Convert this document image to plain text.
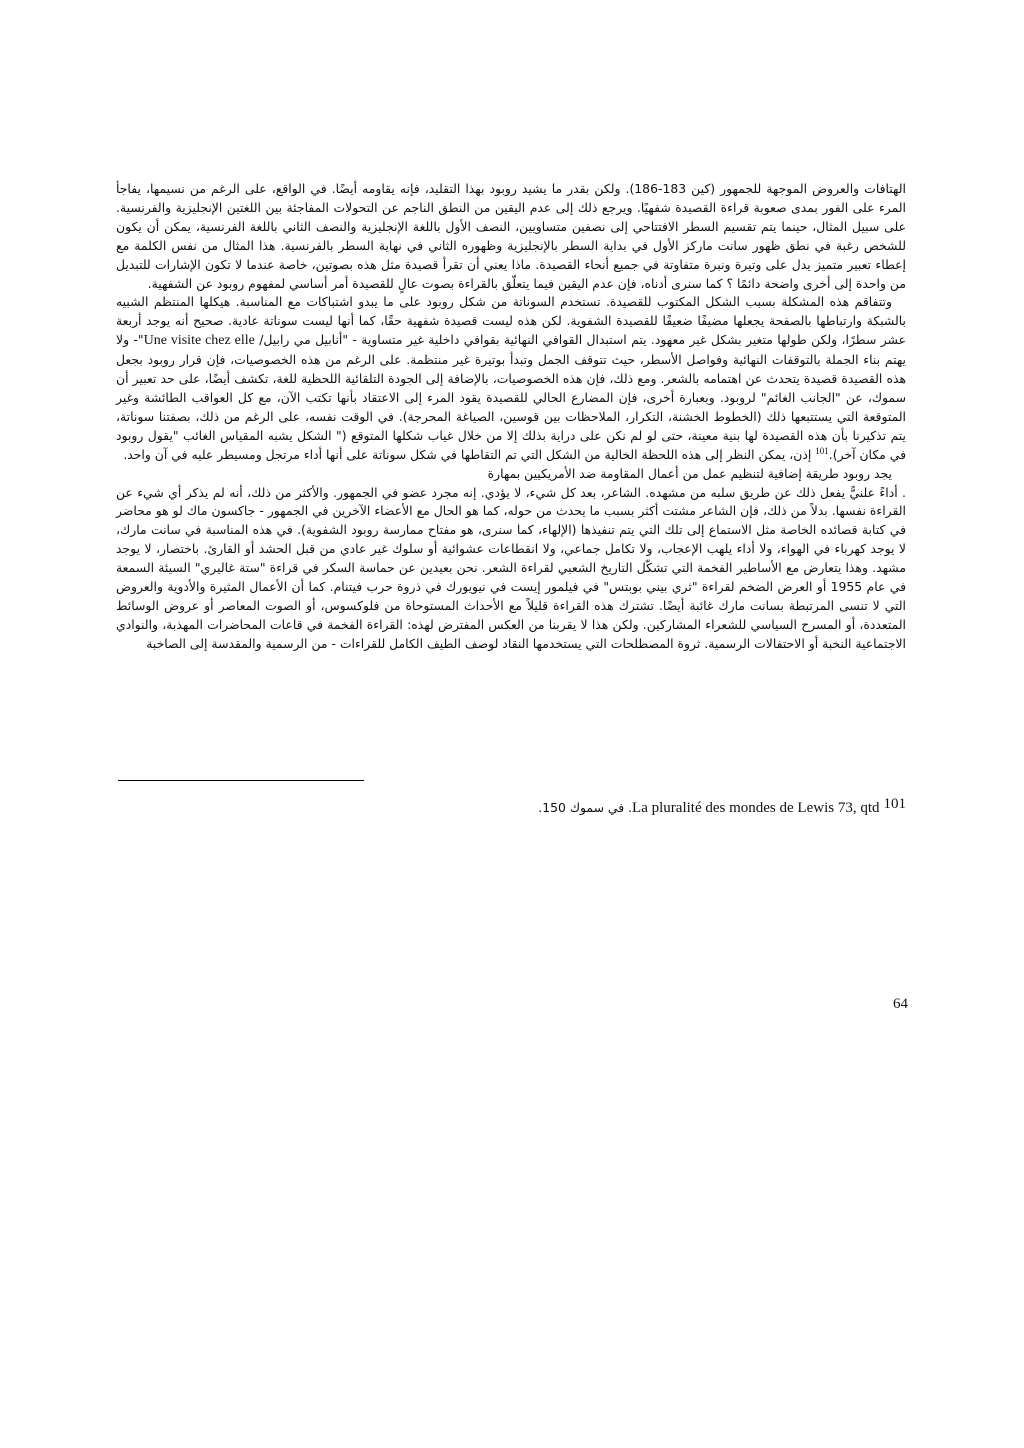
الهتافات والعروض الموجهة للجمهور (كين 183-186). ولكن بقدر ما يشيد روبود بهذا التقليد، فإنه يقاومه أيضًا. في الواقع، على الرغم من نسيمها، يفاجأ المرء على الفور بمدى صعوبة قراءة القصيدة شفهيًا. ويرجع ذلك إلى عدم اليقين من النطق الناجم عن التحولات المفاجئة بين اللغتين الإنجليزية والفرنسية. على سبيل المثال، حينما يتم تقسيم السطر الافتتاحي إلى نصفين متساويين، النصف الأول باللغة الإنجليزية والنصف الثاني باللغة الفرنسية، يمكن أن يكون للشخص رغبة في نطق ظهور سانت ماركز الأول في بداية السطر بالإنجليزية وظهوره الثاني في نهاية السطر بالفرنسية. هذا المثال من نفس الكلمة مع إعطاء تعبير متميز يدل على وتيرة ونبرة متفاوتة في جميع أنحاء القصيدة. ماذا يعني أن تقرأ قصيدة مثل هذه بصوتين، خاصة عندما لا تكون الإشارات للتبديل من واحدة إلى أخرى واضحة دائمًا ؟ كما سنرى أدناه، فإن عدم اليقين فيما يتعلّق بالقراءة بصوت عالٍ للقصيدة أمر أساسي لمفهوم روبود عن الشفهية.

وتتفاقم هذه المشكلة بسبب الشكل المكتوب للقصيدة. تستخدم السوناتة من شكل روبود على ما يبدو اشتباكات مع المناسبة. هيكلها المنتظم الشبيه بالشبكة وارتباطها بالصفحة يجعلها مضيفًا ضعيفًا للقصيدة الشفوية. لكن هذه ليست قصيدة شفهية حقًا، كما أنها ليست سوناتة عادية. صحيح أنه يوجد أربعة عشر سطرًا، ولكن طولها متغير بشكل غير معهود. يتم استبدال القوافي النهائية بقوافي داخلية غير متساوية - "أنابيل مي رابيل/ Une visite chez elle"- ولا يهتم بناء الجملة بالتوقفات النهائية وفواصل الأسطر، حيث تتوقف الجمل وتبدأ بوتيرة غير منتظمة. على الرغم من هذه الخصوصيات، فإن قرار روبود بجعل هذه القصيدة قصيدة يتحدث عن اهتمامه بالشعر. ومع ذلك، فإن هذه الخصوصيات، بالإضافة إلى الجودة التلقائية اللحظية للغة، تكشف أيضًا، على حد تعبير أن سموك، عن "الجانب الغائم" لروبود. وبعبارة أخرى، فإن المضارع الحالي للقصيدة يقود المرء إلى الاعتقاد بأنها تكتب الآن، مع كل العواقب الطائشة وغير المتوقعة التي يستتبعها ذلك (الخطوط الخشنة، التكرار، الملاحظات بين قوسين، الصياغة المحرجة). في الوقت نفسه، على الرغم من ذلك، بصفتنا سوناتة، يتم تذكيرنا بأن هذه القصيدة لها بنية معينة، حتى لو لم نكن على دراية بذلك إلا من خلال غياب شكلها المتوقع (" الشكل يشبه المقياس الغائب "يقول روبود في مكان آخر).$^{101}$ إذن، يمكن النظر إلى هذه اللحظة الخالية من الشكل التي تم التقاطها في شكل سوناتة على أنها أداء مرتجل ومسيطر عليه في آن واحد.

يجد روبود طريقة إضافية لتنظيم عمل من أعمال المقاومة ضد الأمريكيين بمهارة

. أداءً علنيًّ يفعل ذلك عن طريق سلبه من مشهده. الشاعر، بعد كل شيء، لا يؤدي. إنه مجرد عضو في الجمهور. والأكثر من ذلك، أنه لم يذكر أي شيء عن القراءة نفسها. بدلاً من ذلك، فإن الشاعر مشتت أكثر بسبب ما يحدث من حوله، كما هو الحال مع الأعضاء الآخرين في الجمهور - جاكسون ماك لو هو محاضر في كتابة قصائده الخاصة مثل الاستماع إلى تلك التي يتم تنفيذها (الإلهاء، كما سنرى، هو مفتاح ممارسة روبود الشفوية). في هذه المناسبة في سانت مارك، لا يوجد كهرباء في الهواء، ولا أداء يلهب الإعجاب، ولا تكامل جماعي، ولا انقطاعات عشوائية أو سلوك غير عادي من قبل الحشد أو القارئ. باختصار، لا يوجد مشهد. وهذا يتعارض مع الأساطير الفخمة التي تشكّل التاريخ الشعبي لقراءة الشعر. نحن بعيدين عن حماسة السكر في قراءة "ستة غاليري" السيئة السمعة في عام 1955 أو العرض الضخم لقراءة "ثري بيني بوبتس" في فيلمور إيست في نيويورك في ذروة حرب فيتنام. كما أن الأعمال المثيرة والأدوية والعروض التي لا تنسى المرتبطة بسانت مارك غائبة أيضًا. تشترك هذه القراءة قليلاً مع الأحداث المستوحاة من فلوكسوس، أو الصوت المعاصر أو عروض الوسائط المتعددة، أو المسرح السياسي للشعراء المشاركين. ولكن هذا لا يقربنا من العكس المفترض لهذه: القراءة الفخمة في قاعات المحاضرات المهذبة، والنوادي الاجتماعية النخبة أو الاحتفالات الرسمية. ثروة المصطلحات التي يستخدمها النقاد لوصف الطيف الكامل للقراءات - من الرسمية والمقدسة إلى الصاخبة

101La pluralité des mondes de Lewis 73, qtd. في سموك 150.
64
